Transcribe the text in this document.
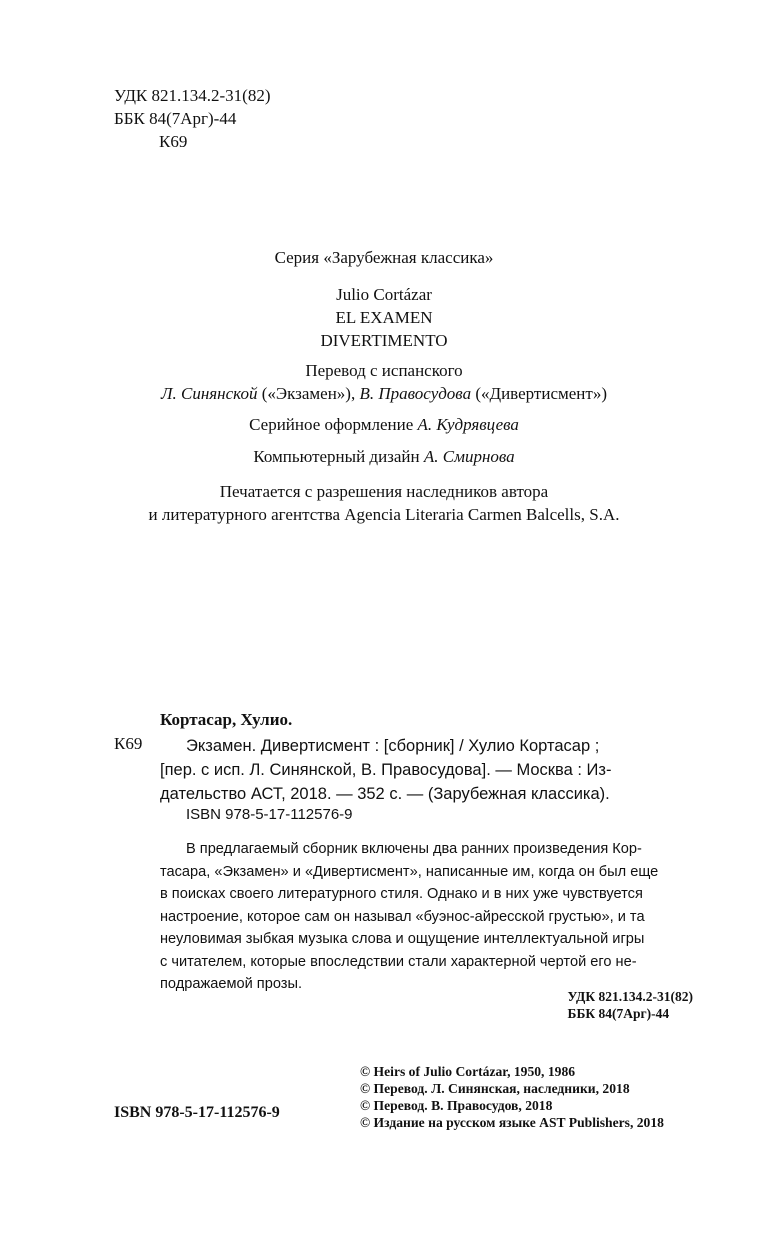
УДК 821.134.2-31(82)
ББК 84(7Арг)-44
К69
Серия «Зарубежная классика»
Julio Cortázar
EL EXAMEN
DIVERTIMENTO
Перевод с испанского
Л. Синянской («Экзамен»), В. Правосудова («Дивертисмент»)
Серийное оформление А. Кудрявцева
Компьютерный дизайн А. Смирнова
Печатается с разрешения наследников автора
и литературного агентства Agencia Literaria Carmen Balcells, S.A.
Кортасар, Хулио.
К69	Экзамен. Дивертисмент : [сборник] / Хулио Кортасар ;
[пер. с исп. Л. Синянской, В. Правосудова]. — Москва : Из-
дательство АСТ, 2018. — 352 с. — (Зарубежная классика).
ISBN 978-5-17-112576-9
В предлагаемый сборник включены два ранних произведения Кор-
тасара, «Экзамен» и «Дивертисмент», написанные им, когда он был еще
в поисках своего литературного стиля. Однако и в них уже чувствуется
настроение, которое сам он называл «буэнос-айресской грустью», и та
неуловимая зыбкая музыка слова и ощущение интеллектуальной игры
с читателем, которые впоследствии стали характерной чертой его не-
подражаемой прозы.
УДК 821.134.2-31(82)
ББК 84(7Арг)-44
© Heirs of Julio Cortázar, 1950, 1986
© Перевод. Л. Синянская, наследники, 2018
© Перевод. В. Правосудов, 2018
© Издание на русском языке AST Publishers, 2018
ISBN 978-5-17-112576-9
